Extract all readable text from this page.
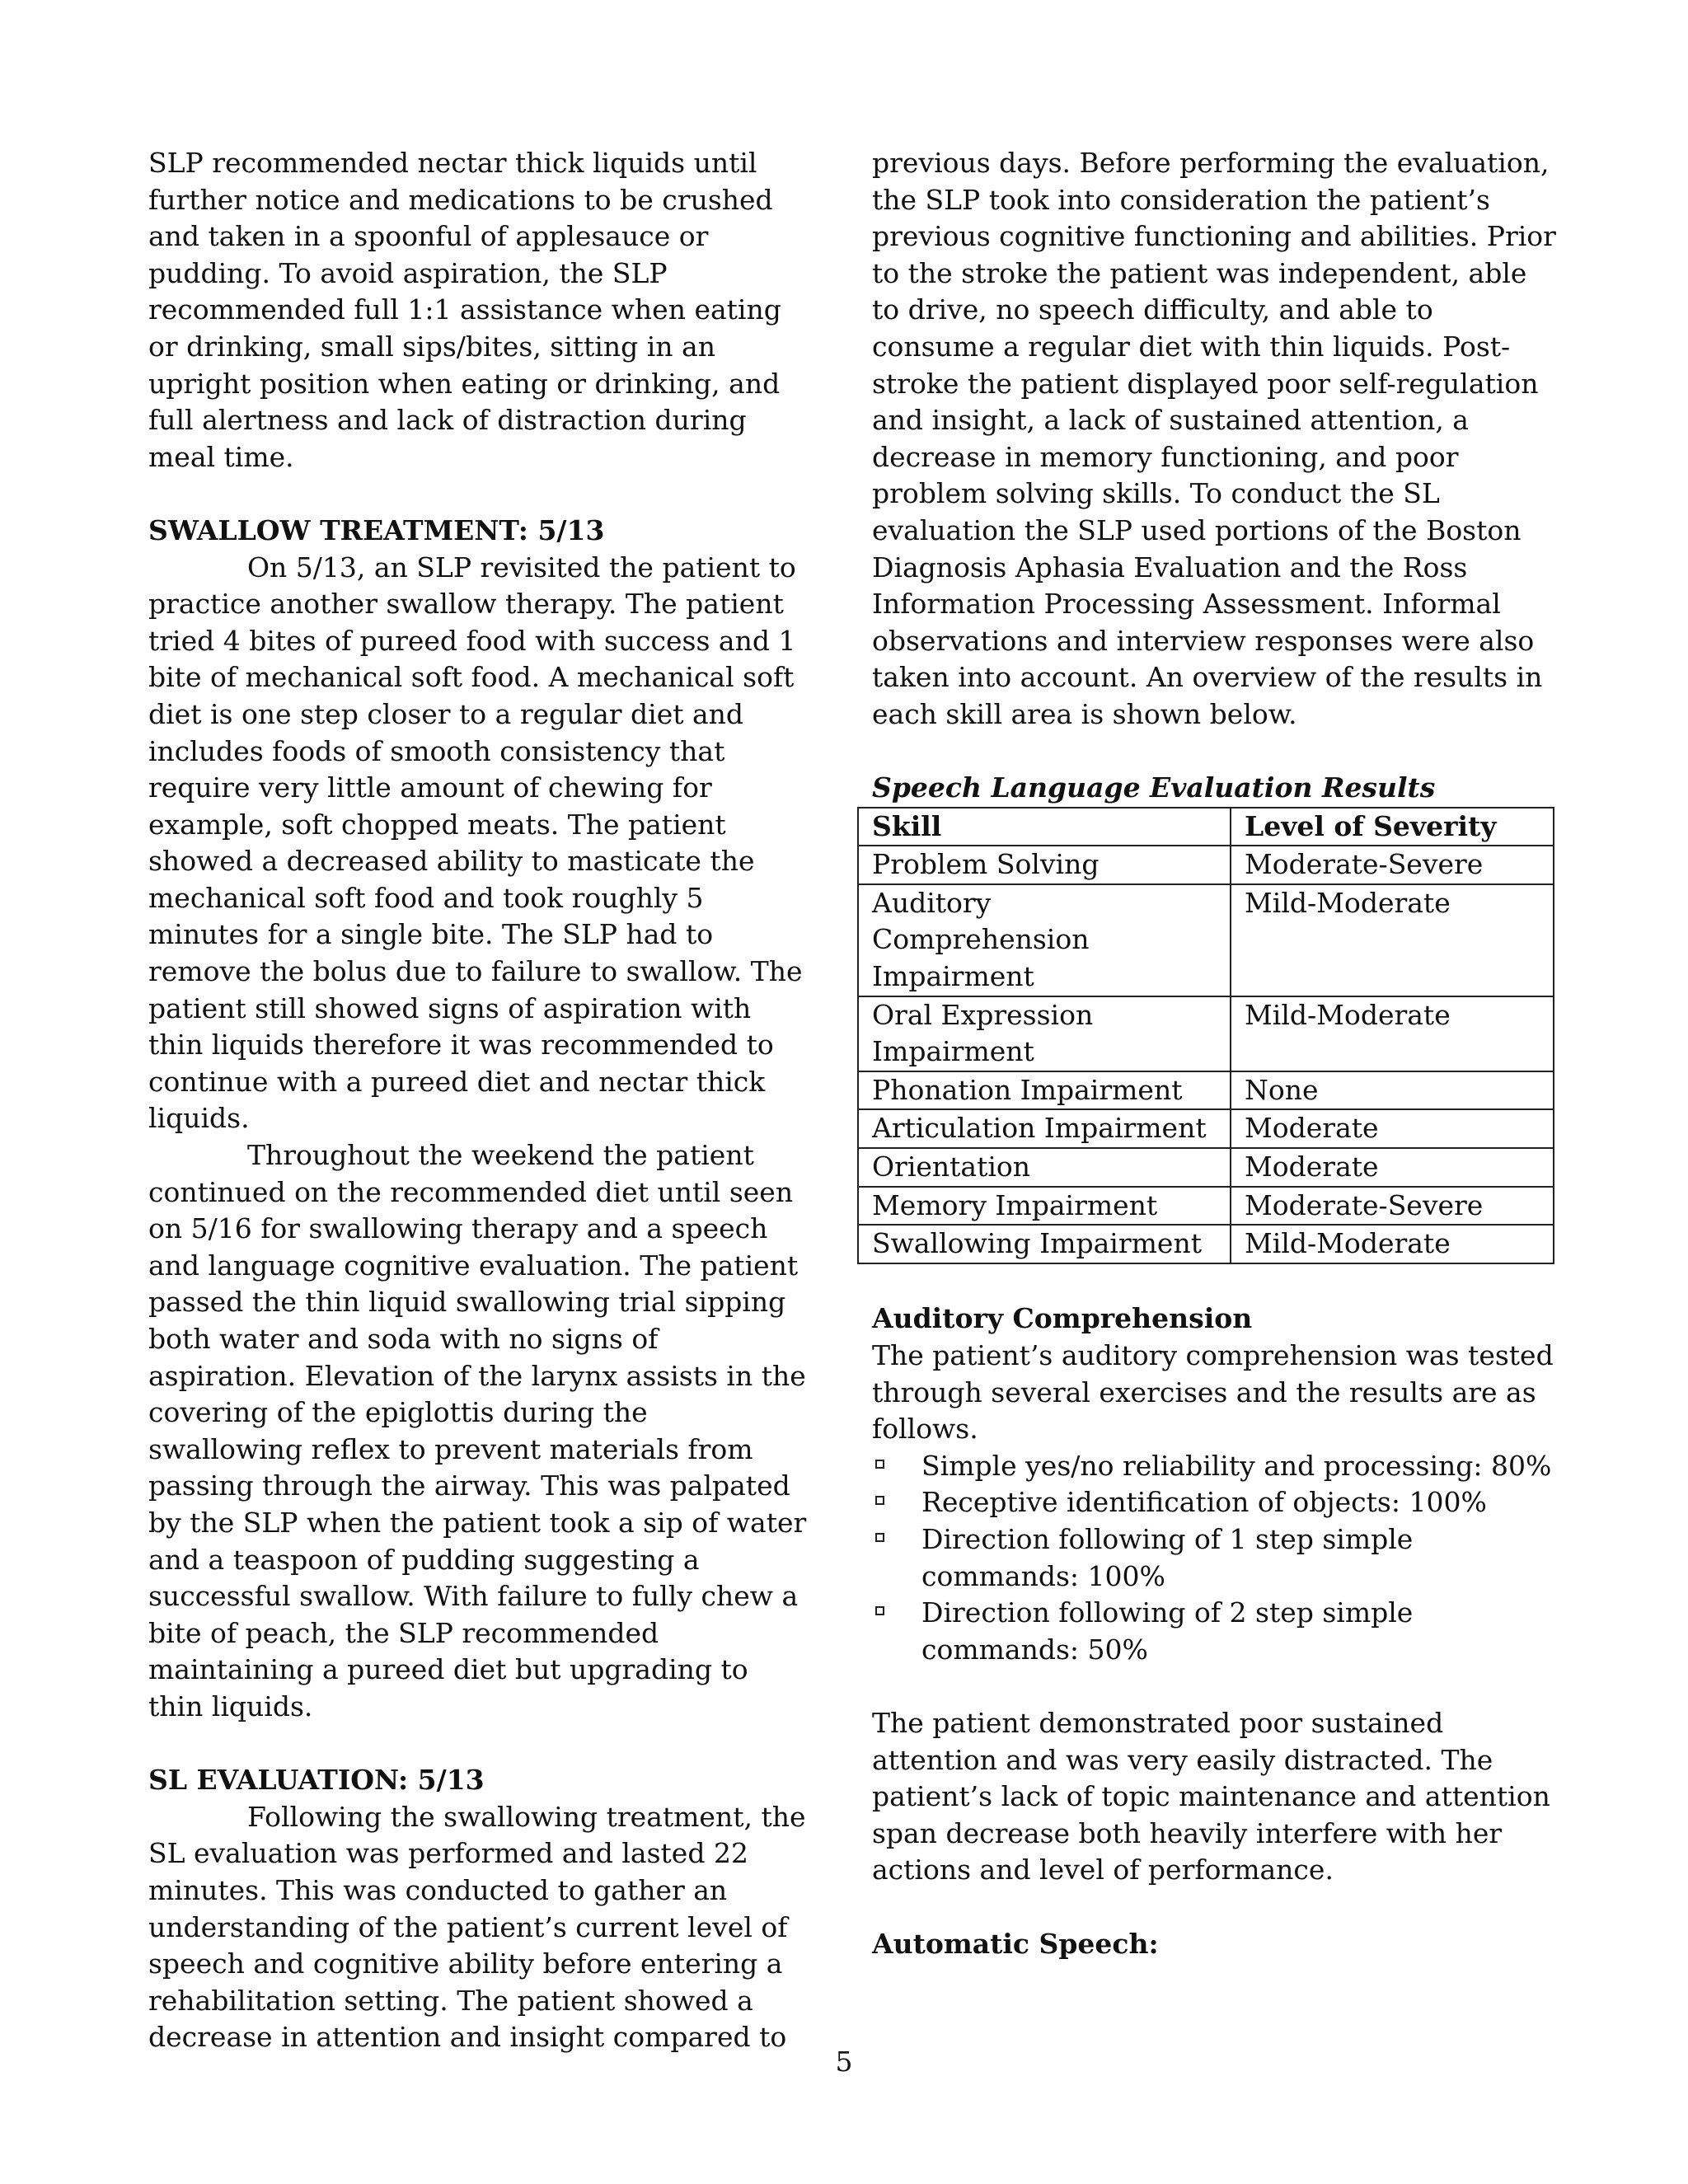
SLP recommended nectar thick liquids until further notice and medications to be crushed and taken in a spoonful of applesauce or pudding. To avoid aspiration, the SLP recommended full 1:1 assistance when eating or drinking, small sips/bites, sitting in an upright position when eating or drinking, and full alertness and lack of distraction during meal time.

SWALLOW TREATMENT: 5/13

On 5/13, an SLP revisited the patient to practice another swallow therapy. The patient tried 4 bites of pureed food with success and 1 bite of mechanical soft food. A mechanical soft diet is one step closer to a regular diet and includes foods of smooth consistency that require very little amount of chewing for example, soft chopped meats. The patient showed a decreased ability to masticate the mechanical soft food and took roughly 5 minutes for a single bite. The SLP had to remove the bolus due to failure to swallow. The patient still showed signs of aspiration with thin liquids therefore it was recommended to continue with a pureed diet and nectar thick liquids.

Throughout the weekend the patient continued on the recommended diet until seen on 5/16 for swallowing therapy and a speech and language cognitive evaluation. The patient passed the thin liquid swallowing trial sipping both water and soda with no signs of aspiration. Elevation of the larynx assists in the covering of the epiglottis during the swallowing reflex to prevent materials from passing through the airway. This was palpated by the SLP when the patient took a sip of water and a teaspoon of pudding suggesting a successful swallow. With failure to fully chew a bite of peach, the SLP recommended maintaining a pureed diet but upgrading to thin liquids.

SL EVALUATION: 5/13

Following the swallowing treatment, the SL evaluation was performed and lasted 22 minutes. This was conducted to gather an understanding of the patient’s current level of speech and cognitive ability before entering a rehabilitation setting. The patient showed a decrease in attention and insight compared to

previous days. Before performing the evaluation, the SLP took into consideration the patient’s previous cognitive functioning and abilities. Prior to the stroke the patient was independent, able to drive, no speech difficulty, and able to consume a regular diet with thin liquids. Post-stroke the patient displayed poor self-regulation and insight, a lack of sustained attention, a decrease in memory functioning, and poor problem solving skills. To conduct the SL evaluation the SLP used portions of the Boston Diagnosis Aphasia Evaluation and the Ross Information Processing Assessment. Informal observations and interview responses were also taken into account. An overview of the results in each skill area is shown below.

Speech Language Evaluation Results

Skill	Level of Severity
Problem Solving	Moderate-Severe
Auditory Comprehension Impairment	Mild-Moderate
Oral Expression Impairment	Mild-Moderate
Phonation Impairment	None
Articulation Impairment	Moderate
Orientation	Moderate
Memory Impairment	Moderate-Severe
Swallowing Impairment	Mild-Moderate

Auditory Comprehension

The patient’s auditory comprehension was tested through several exercises and the results are as follows.

Simple yes/no reliability and processing: 80%
Receptive identification of objects: 100%
Direction following of 1 step simple commands: 100%
Direction following of 2 step simple commands: 50%

The patient demonstrated poor sustained attention and was very easily distracted. The patient’s lack of topic maintenance and attention span decrease both heavily interfere with her actions and level of performance.

Automatic Speech:

5
